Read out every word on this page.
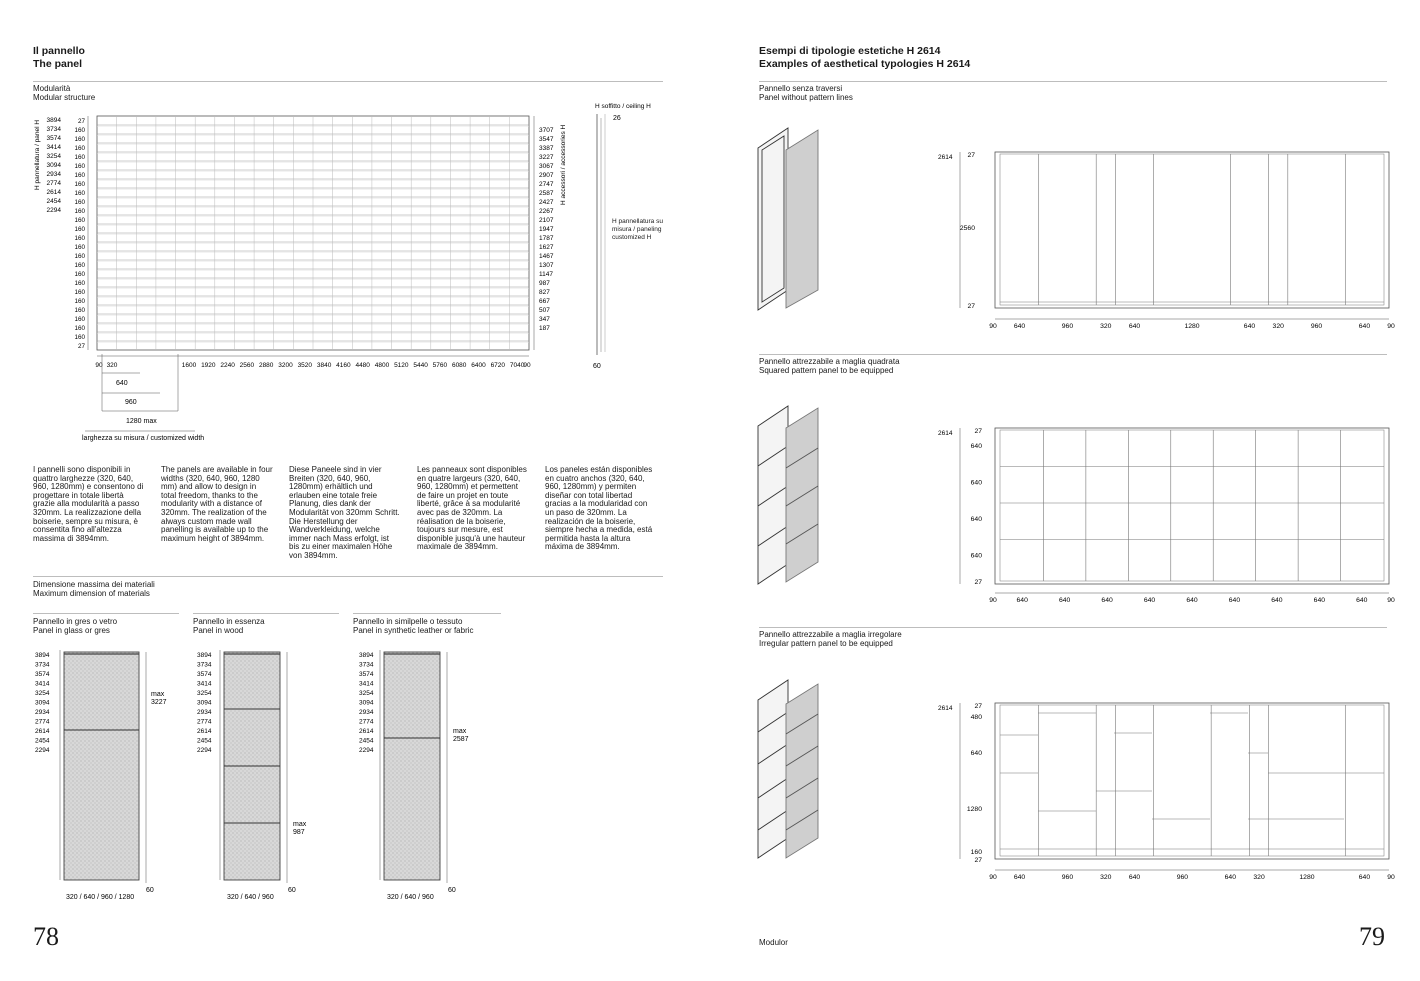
Il pannello
The panel
Modularità
Modular structure
3894
3734
3574
3414
3254
3094
2934
2774
2614
2454
2294
27
160
160
160
160
160
160
160
160
160
160
160
160
160
160
160
160
160
160
160
160
160
160
160
160
27
3707
3547
3387
3227
3067
2907
2747
2587
2427
2267
2107
1947
1787
1627
1467
1307
1147
987
827
667
507
347
187
90 320	1600 1920 2240 2560 2880 3200 3520 3840 4160 4480 4800 5120 5440 5760 6080 6400 6720 7040 90
H pannellatura / panel H	H accessori / accessories H
H soffitto / ceiling H
26
60
H pannellatura su misura / paneling customized H
640
960
1280 max
larghezza su misura / customized width
I pannelli sono disponibili in quattro larghezze (320, 640, 960, 1280mm) e consentono di progettare in totale libertà grazie alla modularità a passo 320mm. La realizzazione della boiserie, sempre su misura, è consentita fino all'altezza massima di 3894mm.
The panels are available in four widths (320, 640, 960, 1280 mm) and allow to design in total freedom, thanks to the modularity with a distance of 320mm. The realization of the always custom made wall panelling is available up to the maximum height of 3894mm.
Diese Paneele sind in vier Breiten (320, 640, 960, 1280mm) erhältlich und erlauben eine totale freie Planung, dies dank der Modularität von 320mm Schritt. Die Herstellung der Wandverkleidung, welche immer nach Mass erfolgt, ist bis zu einer maximalen Höhe von 3894mm.
Les panneaux sont disponibles en quatre largeurs (320, 640, 960, 1280mm) et permettent de faire un projet en toute liberté, grâce à sa modularité avec pas de 320mm. La réalisation de la boiserie, toujours sur mesure, est disponible jusqu'à une hauteur maximale de 3894mm.
Los paneles están disponibles en cuatro anchos (320, 640, 960, 1280mm) y permiten diseñar con total libertad gracias a la modularidad con un paso de 320mm. La realización de la boiserie, siempre hecha a medida, está permitida hasta la altura máxima de 3894mm.
Dimensione massima dei materiali
Maximum dimension of materials
Pannello in gres o vetro
Panel in glass or gres
Pannello in essenza
Panel in wood
Pannello in similpelle o tessuto
Panel in synthetic leather or fabric
3894
3734
3574
3414
3254
3094
2934
2774
2614
2454
2294
3894
3734
3574
3414
3254
3094
2934
2774
2614
2454
2294
3894
3734
3574
3414
3254
3094
2934
2774
2614
2454
2294
max
3227
320 / 640 / 960 / 1280
60
max
987
320 / 640 / 960
60
max
2587
320 / 640 / 960
60
78
Esempi di tipologie estetiche H 2614
Examples of aesthetical typologies H 2614
Pannello senza traversi
Panel without pattern lines
Pannello attrezzabile a maglia quadrata
Squared pattern panel to be equipped
Pannello attrezzabile a maglia irregolare
Irregular pattern panel to be equipped
2614
90	640	960	320	640	1280	640	320	960	640	90
27
2560
27
2614
90	640	640	640	640	640	640	640	640	640	90
27
640
640
640
640
27
2614
90	640	960	320	640	960	640	320	1280	640	90
27
480
640
1280
160
27
Modulor	79
